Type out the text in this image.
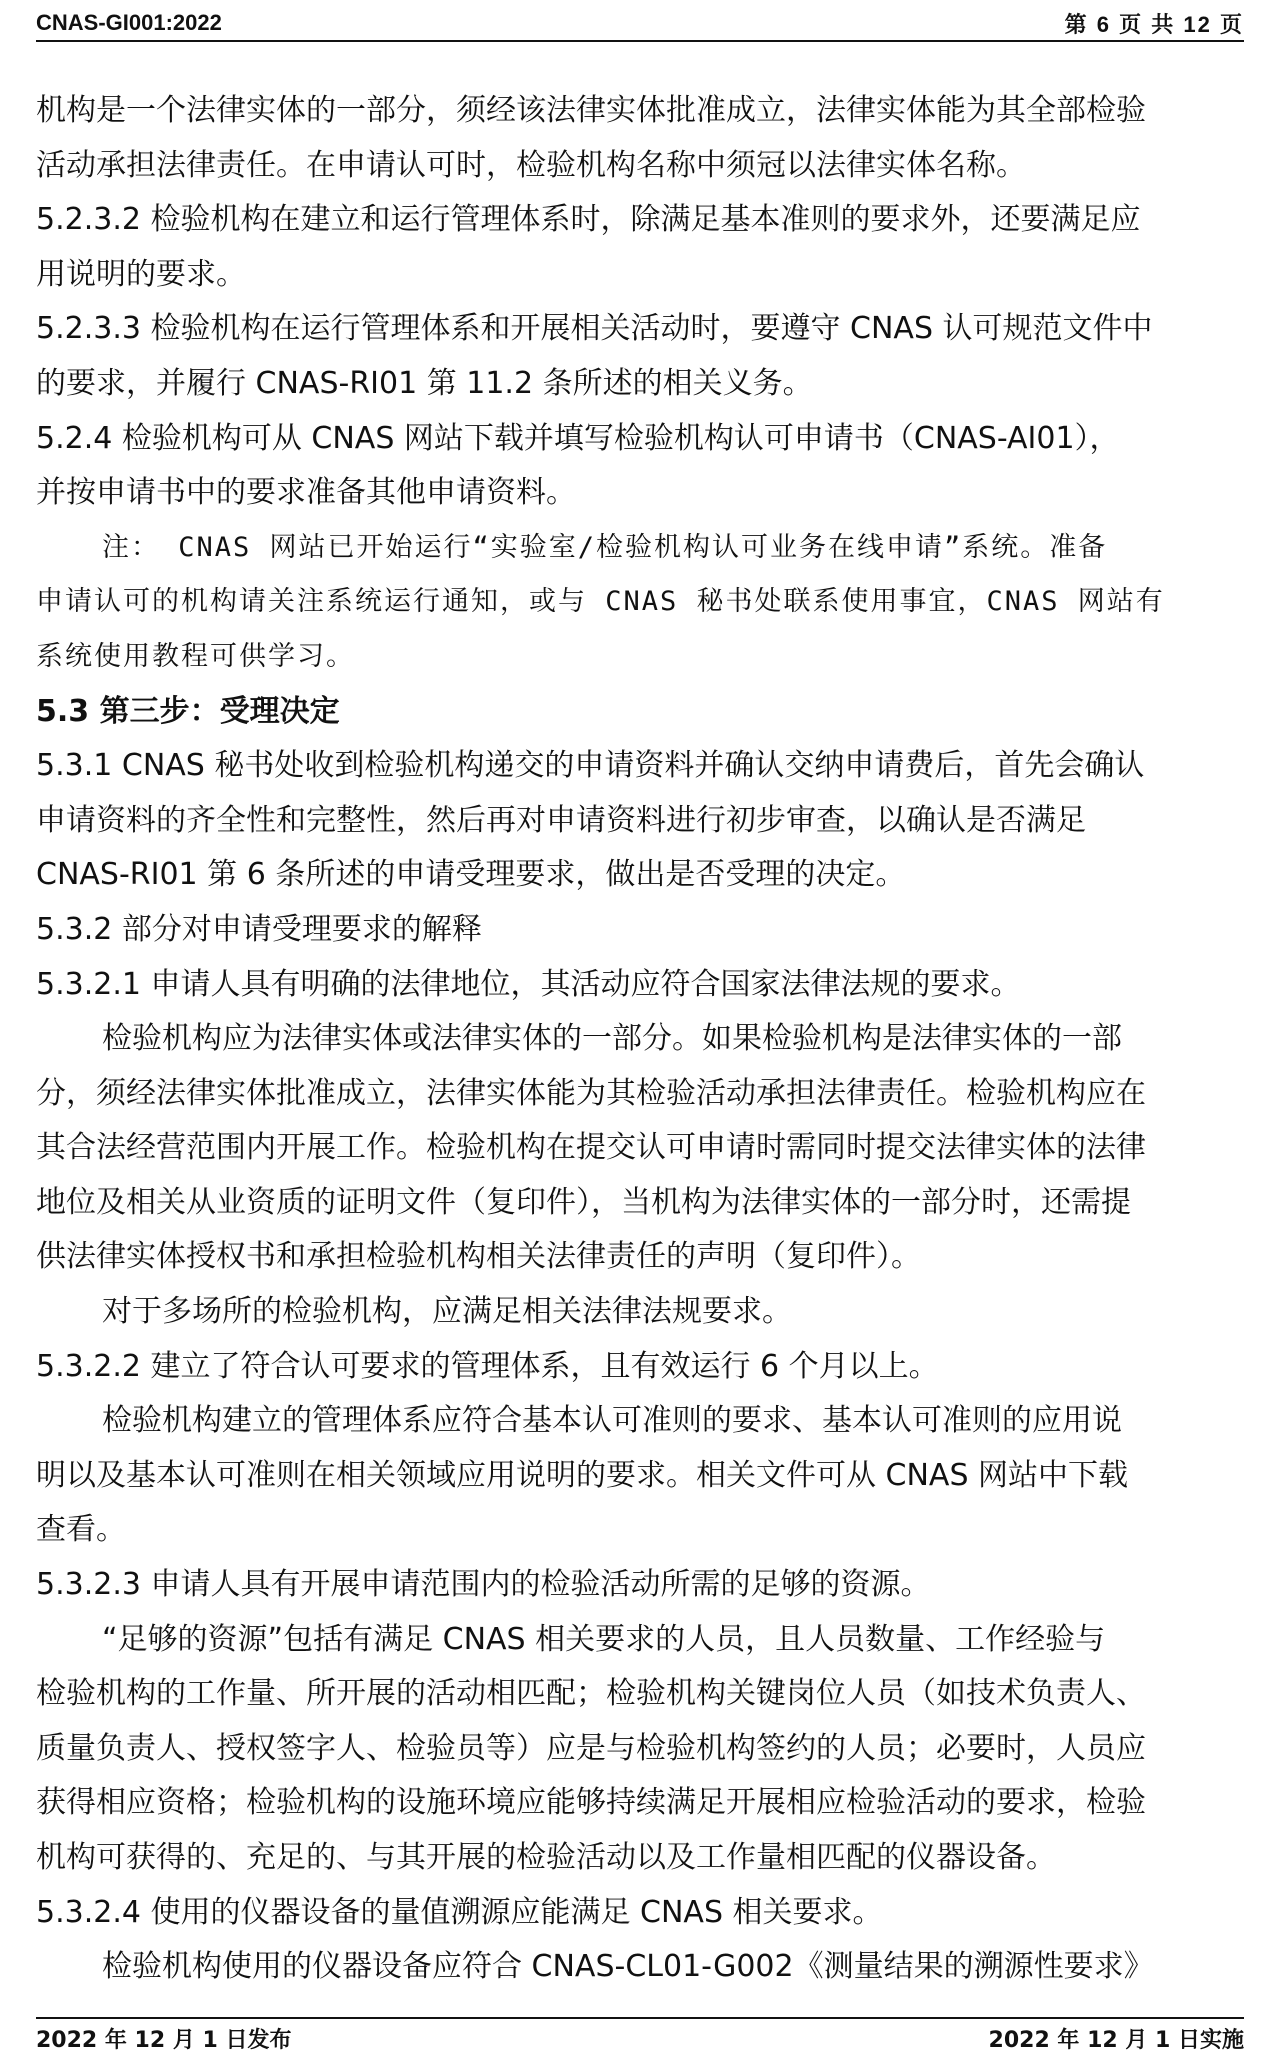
CNAS-GI001:2022	第 6 页 共 12 页
机构是一个法律实体的一部分，须经该法律实体批准成立，法律实体能为其全部检验
活动承担法律责任。在申请认可时，检验机构名称中须冠以法律实体名称。
5.2.3.2 检验机构在建立和运行管理体系时，除满足基本准则的要求外，还要满足应
用说明的要求。
5.2.3.3 检验机构在运行管理体系和开展相关活动时，要遵守 CNAS 认可规范文件中
的要求，并履行 CNAS-RI01 第 11.2 条所述的相关义务。
5.2.4 检验机构可从 CNAS 网站下载并填写检验机构认可申请书（CNAS-AI01），
并按申请书中的要求准备其他申请资料。
注： CNAS 网站已开始运行“实验室/检验机构认可业务在线申请”系统。准备
申请认可的机构请关注系统运行通知，或与 CNAS 秘书处联系使用事宜，CNAS 网站有
系统使用教程可供学习。
5.3 第三步：受理决定
5.3.1 CNAS 秘书处收到检验机构递交的申请资料并确认交纳申请费后，首先会确认
申请资料的齐全性和完整性，然后再对申请资料进行初步审查，以确认是否满足
CNAS-RI01 第 6 条所述的申请受理要求，做出是否受理的决定。
5.3.2 部分对申请受理要求的解释
5.3.2.1 申请人具有明确的法律地位，其活动应符合国家法律法规的要求。
检验机构应为法律实体或法律实体的一部分。如果检验机构是法律实体的一部
分，须经法律实体批准成立，法律实体能为其检验活动承担法律责任。检验机构应在
其合法经营范围内开展工作。检验机构在提交认可申请时需同时提交法律实体的法律
地位及相关从业资质的证明文件（复印件），当机构为法律实体的一部分时，还需提
供法律实体授权书和承担检验机构相关法律责任的声明（复印件）。
对于多场所的检验机构，应满足相关法律法规要求。
5.3.2.2 建立了符合认可要求的管理体系，且有效运行 6 个月以上。
检验机构建立的管理体系应符合基本认可准则的要求、基本认可准则的应用说
明以及基本认可准则在相关领域应用说明的要求。相关文件可从 CNAS 网站中下载
查看。
5.3.2.3 申请人具有开展申请范围内的检验活动所需的足够的资源。
“足够的资源”包括有满足 CNAS 相关要求的人员，且人员数量、工作经验与
检验机构的工作量、所开展的活动相匹配；检验机构关键岗位人员（如技术负责人、
质量负责人、授权签字人、检验员等）应是与检验机构签约的人员；必要时，人员应
获得相应资格；检验机构的设施环境应能够持续满足开展相应检验活动的要求，检验
机构可获得的、充足的、与其开展的检验活动以及工作量相匹配的仪器设备。
5.3.2.4 使用的仪器设备的量值溯源应能满足 CNAS 相关要求。
检验机构使用的仪器设备应符合 CNAS-CL01-G002《测量结果的溯源性要求》
2022 年 12 月 1 日发布	2022 年 12 月 1 日实施
